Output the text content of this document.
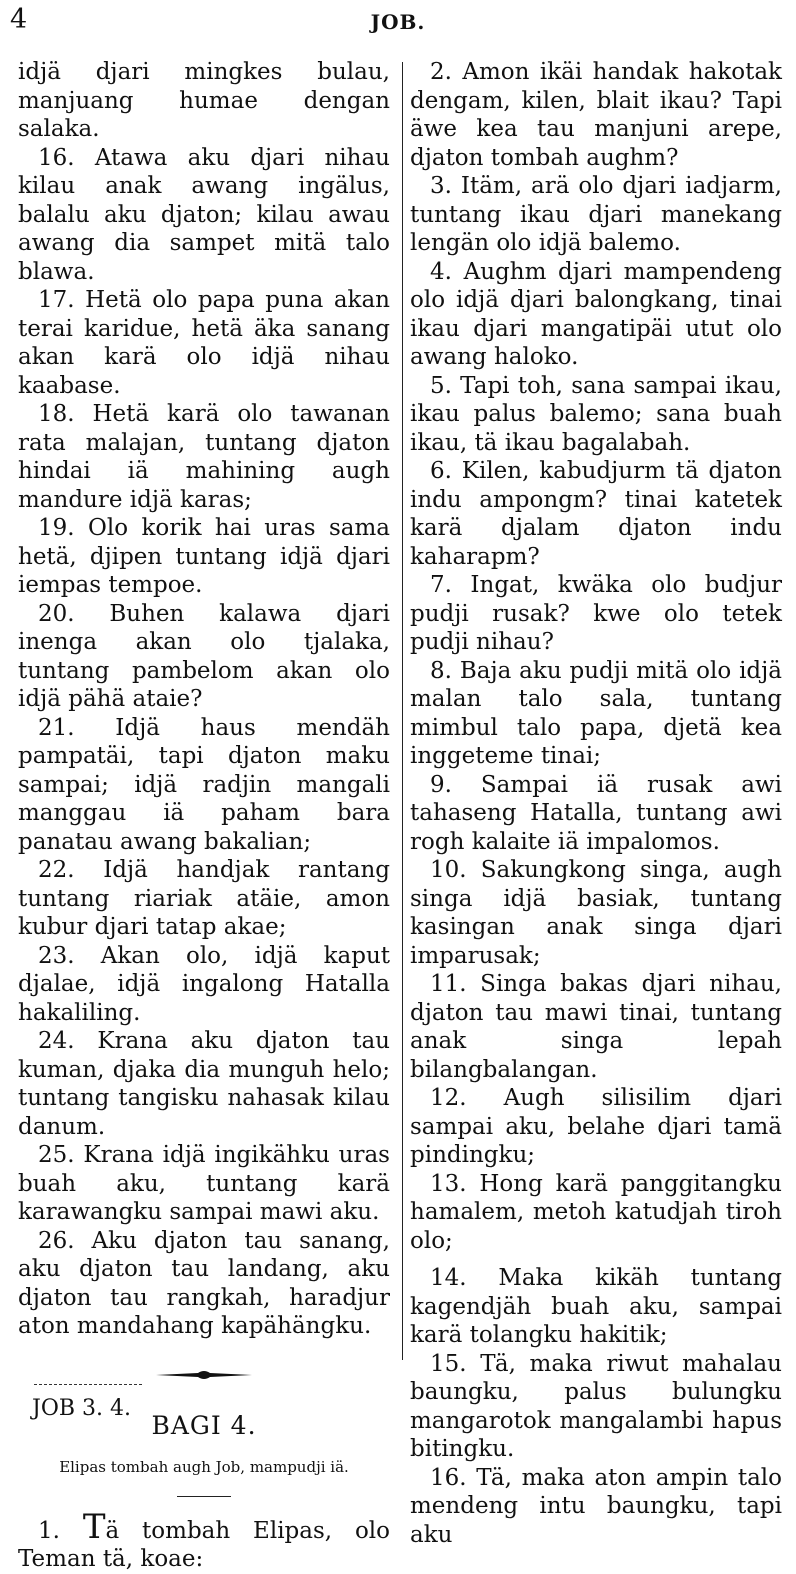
4	JOB.

idjä djari mingkes bulau, manjuang humae dengan salaka.

16. Atawa aku djari nihau kilau anak awang ingälus, balalu aku djaton; kilau awau awang dia sampet mitä talo blawa.

17. Hetä olo papa puna akan terai karidue, hetä äka sanang akan karä olo idjä nihau kaabase.

18. Hetä karä olo tawanan rata malajan, tuntang djaton hindai iä mahining augh mandure idjä karas;

19. Olo korik hai uras sama hetä, djipen tuntang idjä djari iempas tempoe.

20. Buhen kalawa djari inenga akan olo tjalaka, tuntang pambelom akan olo idjä pähä ataie?

21. Idjä haus mendäh pampatäi, tapi djaton maku sampai; idjä radjin mangali manggau iä paham bara panatau awang bakalian;

22. Idjä handjak rantang tuntang riariak atäie, amon kubur djari tatap akae;

23. Akan olo, idjä kaput djalae, idjä ingalong Hatalla hakaliling.

24. Krana aku djaton tau kuman, djaka dia munguh helo; tuntang tangisku nahasak kilau danum.

25. Krana idjä ingikähku uras buah aku, tuntang karä karawangku sampai mawi aku.

26. Aku djaton tau sanang, aku djaton tau landang, aku djaton tau rangkah, haradjur aton mandahang kapähängku.

BAGI 4.
Elipas tombah augh Job, mampudji iä.

1. Tä tombah Elipas, olo Teman tä, koae:

2. Amon ikäi handak hakotak dengam, kilen, blait ikau? Tapi äwe kea tau manjuni arepe, djaton tombah aughm?

3. Itäm, arä olo djari iadjarm, tuntang ikau djari manekang lengän olo idjä balemo.

4. Aughm djari mampendeng olo idjä djari balongkang, tinai ikau djari mangatipäi utut olo awang haloko.

5. Tapi toh, sana sampai ikau, ikau palus balemo; sana buah ikau, tä ikau bagalabah.

6. Kilen, kabudjurm tä djaton indu ampongm? tinai katetek karä djalam djaton indu kaharapm?

7. Ingat, kwäka olo budjur pudji rusak? kwe olo tetek pudji nihau?

8. Baja aku pudji mitä olo idjä malan talo sala, tuntang mimbul talo papa, djetä kea inggeteme tinai;

9. Sampai iä rusak awi tahaseng Hatalla, tuntang awi rogh kalaite iä impalomos.

10. Sakungkong singa, augh singa idjä basiak, tuntang kasingan anak singa djari imparusak;

11. Singa bakas djari nihau, djaton tau mawi tinai, tuntang anak singa lepah bilangbalangan.

12. Augh silisilim djari sampai aku, belahe djari tamä pindingku;

13. Hong karä panggitangku hamalem, metoh katudjah tiroh olo;

14. Maka kikäh tuntang kagendjäh buah aku, sampai karä tolangku hakitik;

15. Tä, maka riwut mahalau baungku, palus bulungku mangarotok mangalambi hapus bitingku.

16. Tä, maka aton ampin talo mendeng intu baungku, tapi aku

JOB 3. 4.
